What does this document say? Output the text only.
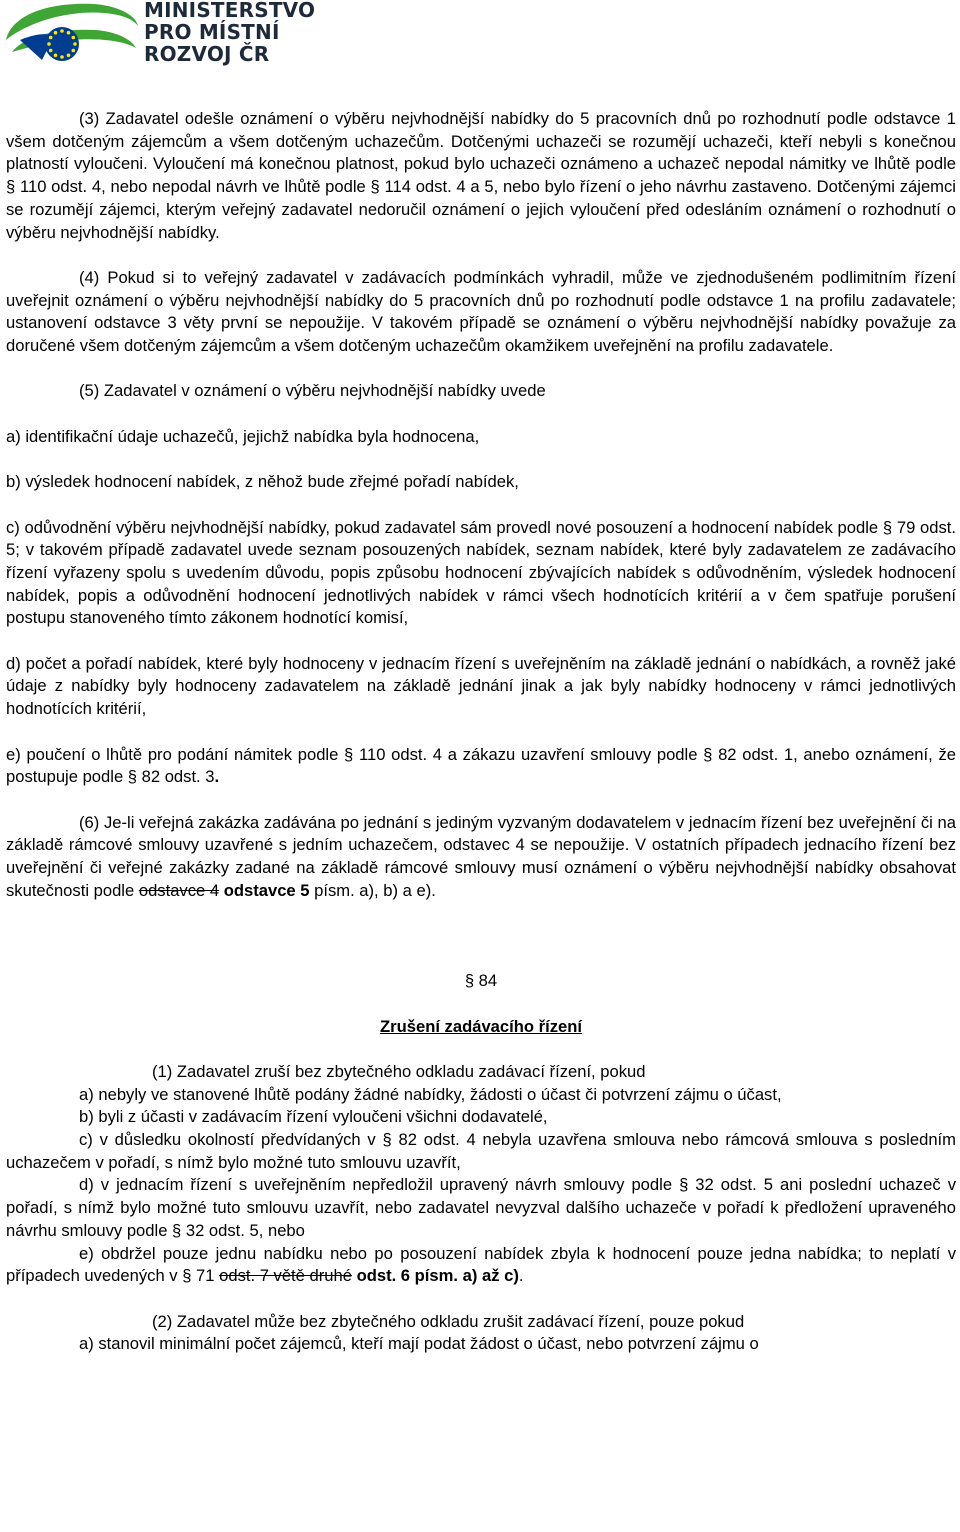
MINISTERSTVO
PRO MÍSTNÍ
ROZVOJ ČR

(3) Zadavatel odešle oznámení o výběru nejvhodnější nabídky do 5 pracovních dnů po rozhodnutí podle odstavce 1 všem dotčeným zájemcům a všem dotčeným uchazečům. Dotčenými uchazeči se rozumějí uchazeči, kteří nebyli s konečnou platností vyloučeni. Vyloučení má konečnou platnost, pokud bylo uchazeči oznámeno a uchazeč nepodal námitky ve lhůtě podle § 110 odst. 4, nebo nepodal návrh ve lhůtě podle § 114 odst. 4 a 5, nebo bylo řízení o jeho návrhu zastaveno. Dotčenými zájemci se rozumějí zájemci, kterým veřejný zadavatel nedoručil oznámení o jejich vyloučení před odesláním oznámení o rozhodnutí o výběru nejvhodnější nabídky.

(4) Pokud si to veřejný zadavatel v zadávacích podmínkách vyhradil, může ve zjednodušeném podlimitním řízení uveřejnit oznámení o výběru nejvhodnější nabídky do 5 pracovních dnů po rozhodnutí podle odstavce 1 na profilu zadavatele; ustanovení odstavce 3 věty první se nepoužije. V takovém případě se oznámení o výběru nejvhodnější nabídky považuje za doručené všem dotčeným zájemcům a všem dotčeným uchazečům okamžikem uveřejnění na profilu zadavatele.

(5) Zadavatel v oznámení o výběru nejvhodnější nabídky uvede

a) identifikační údaje uchazečů, jejichž nabídka byla hodnocena,

b) výsledek hodnocení nabídek, z něhož bude zřejmé pořadí nabídek,

c) odůvodnění výběru nejvhodnější nabídky, pokud zadavatel sám provedl nové posouzení a hodnocení nabídek podle § 79 odst. 5; v takovém případě zadavatel uvede seznam posouzených nabídek, seznam nabídek, které byly zadavatelem ze zadávacího řízení vyřazeny spolu s uvedením důvodu, popis způsobu hodnocení zbývajících nabídek s odůvodněním, výsledek hodnocení nabídek, popis a odůvodnění hodnocení jednotlivých nabídek v rámci všech hodnotících kritérií a v čem spatřuje porušení postupu stanoveného tímto zákonem hodnotící komisí,

d) počet a pořadí nabídek, které byly hodnoceny v jednacím řízení s uveřejněním na základě jednání o nabídkách, a rovněž jaké údaje z nabídky byly hodnoceny zadavatelem na základě jednání jinak a jak byly nabídky hodnoceny v rámci jednotlivých hodnotících kritérií,

e) poučení o lhůtě pro podání námitek podle § 110 odst. 4 a zákazu uzavření smlouvy podle § 82 odst. 1, anebo oznámení, že postupuje podle § 82 odst. 3.

(6) Je-li veřejná zakázka zadávána po jednání s jediným vyzvaným dodavatelem v jednacím řízení bez uveřejnění či na základě rámcové smlouvy uzavřené s jedním uchazečem, odstavec 4 se nepoužije. V ostatních případech jednacího řízení bez uveřejnění či veřejné zakázky zadané na základě rámcové smlouvy musí oznámení o výběru nejvhodnější nabídky obsahovat skutečnosti podle odstavce 4 odstavce 5 písm. a), b) a e).

§ 84

Zrušení zadávacího řízení

(1) Zadavatel zruší bez zbytečného odkladu zadávací řízení, pokud

a) nebyly ve stanovené lhůtě podány žádné nabídky, žádosti o účast či potvrzení zájmu o účast,

b) byli z účasti v zadávacím řízení vyloučeni všichni dodavatelé,

c) v důsledku okolností předvídaných v § 82 odst. 4 nebyla uzavřena smlouva nebo rámcová smlouva s posledním uchazečem v pořadí, s nímž bylo možné tuto smlouvu uzavřít,

d) v jednacím řízení s uveřejněním nepředložil upravený návrh smlouvy podle § 32 odst. 5 ani poslední uchazeč v pořadí, s nímž bylo možné tuto smlouvu uzavřít, nebo zadavatel nevyzval dalšího uchazeče v pořadí k předložení upraveného návrhu smlouvy podle § 32 odst. 5, nebo

e) obdržel pouze jednu nabídku nebo po posouzení nabídek zbyla k hodnocení pouze jedna nabídka; to neplatí v případech uvedených v § 71 odst. 7 větě druhé odst. 6 písm. a) až c).

(2) Zadavatel může bez zbytečného odkladu zrušit zadávací řízení, pouze pokud

a) stanovil minimální počet zájemců, kteří mají podat žádost o účast, nebo potvrzení zájmu o
